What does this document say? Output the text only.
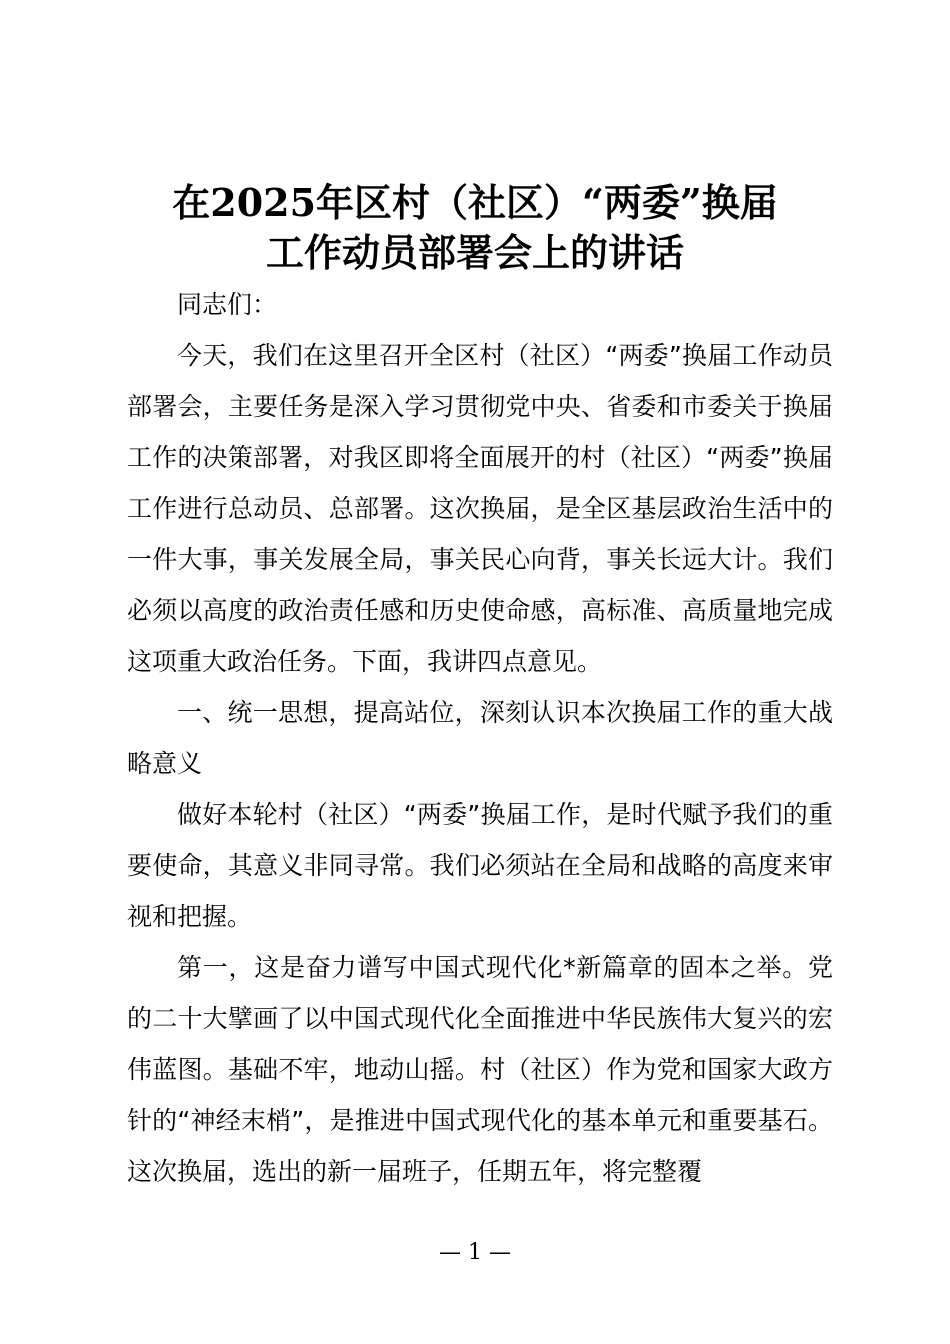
在2025年区村（社区）“两委”换届
工作动员部署会上的讲话

同志们：

今天，我们在这里召开全区村（社区）“两委”换届工作动员部署会，主要任务是深入学习贯彻党中央、省委和市委关于换届工作的决策部署，对我区即将全面展开的村（社区）“两委”换届工作进行总动员、总部署。这次换届，是全区基层政治生活中的一件大事，事关发展全局，事关民心向背，事关长远大计。我们必须以高度的政治责任感和历史使命感，高标准、高质量地完成这项重大政治任务。下面，我讲四点意见。

一、统一思想，提高站位，深刻认识本次换届工作的重大战略意义

做好本轮村（社区）“两委”换届工作，是时代赋予我们的重要使命，其意义非同寻常。我们必须站在全局和战略的高度来审视和把握。

第一，这是奋力谱写中国式现代化*新篇章的固本之举。党的二十大擘画了以中国式现代化全面推进中华民族伟大复兴的宏伟蓝图。基础不牢，地动山摇。村（社区）作为党和国家大政方针的“神经末梢”，是推进中国式现代化的基本单元和重要基石。这次换届，选出的新一届班子，任期五年，将完整覆

— 1 —
